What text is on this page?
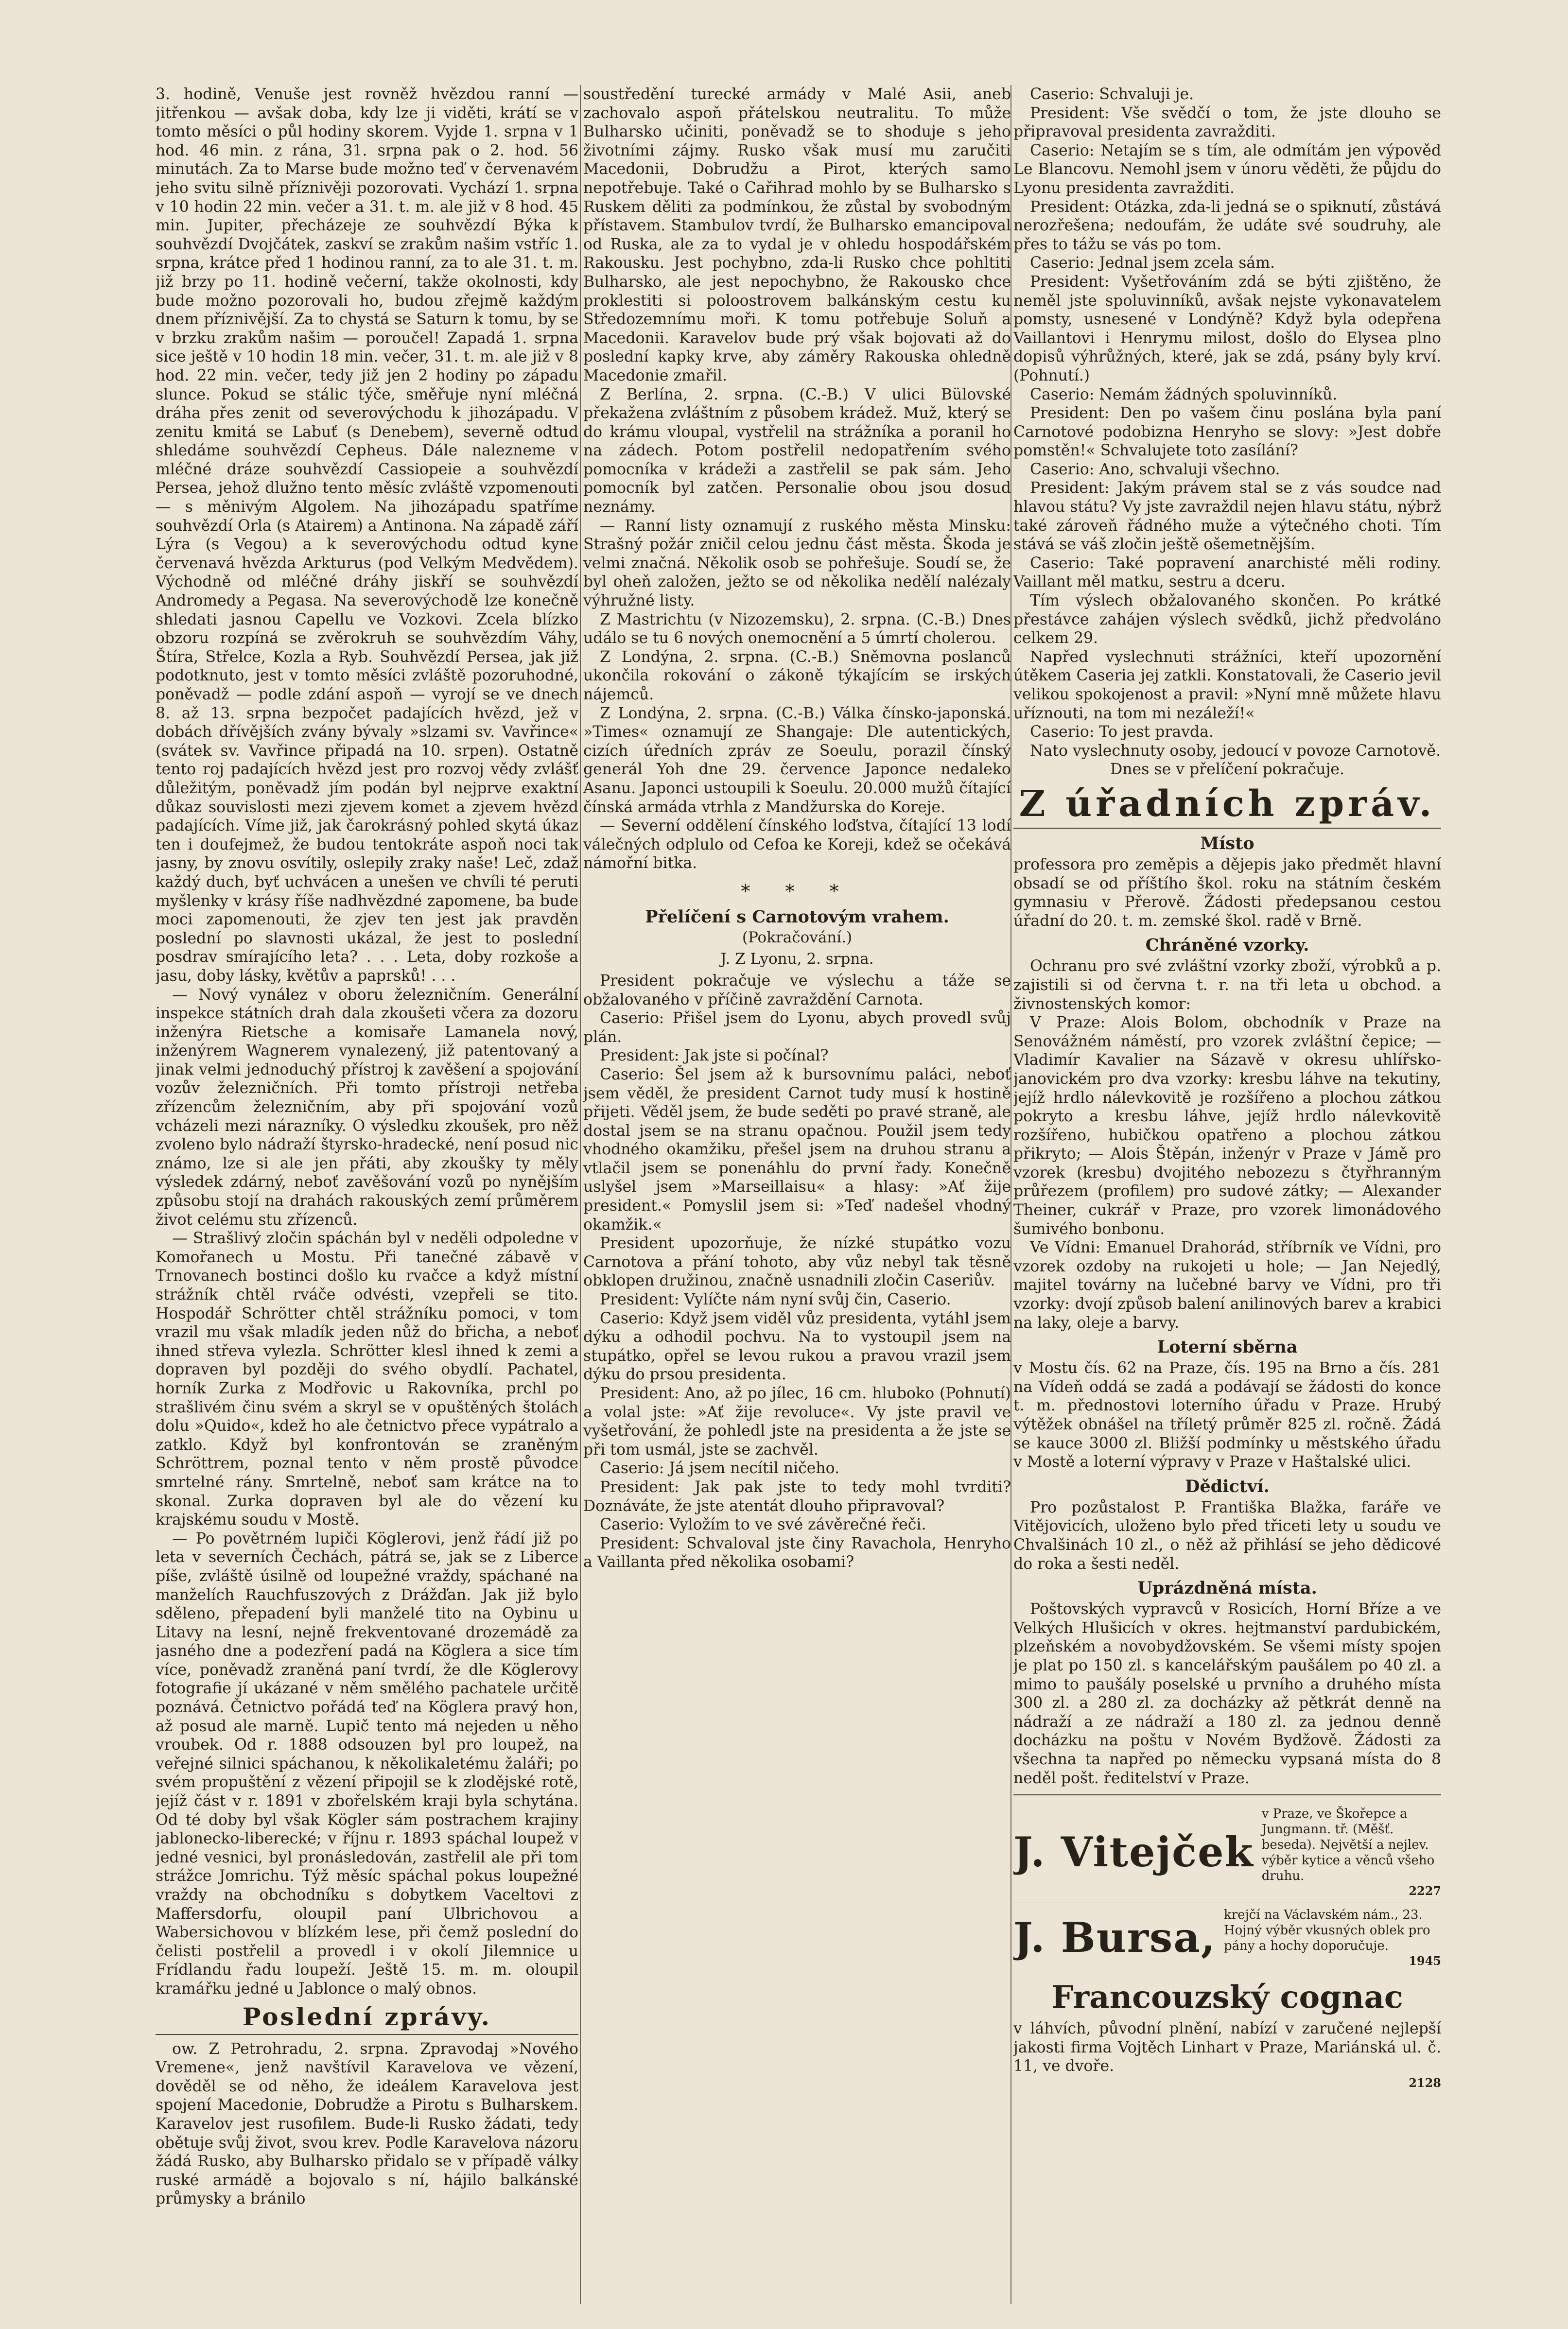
3. hodině, Venuše jest rovněž hvězdou ranní — jitřenkou — avšak doba, kdy lze ji viděti, krátí se v tomto měsíci o půl hodiny skorem. Vyjde 1. srpna v 1 hod. 46 min. z rána, 31. srpna pak o 2. hod. 56 minutách. Za to Marse bude možno teď v červenavém jeho svitu silně příznivěji pozorovati. Vychází 1. srpna v 10 hodin 22 min. večer a 31. t. m. ale již v 8 hod. 45 min. Jupiter, přecházeje ze souhvězdí Býka k souhvězdí Dvojčátek, zaskví se zrakům našim vstříc 1. srpna, krátce před 1 hodinou ranní, za to ale 31. t. m. již brzy po 11. hodině večerní, takže okolnosti, kdy bude možno pozorovali ho, budou zřejmě každým dnem příznivější. Za to chystá se Saturn k tomu, by se v brzku zrakům našim — poroučel! Zapadá 1. srpna sice ještě v 10 hodin 18 min. večer, 31. t. m. ale již v 8 hod. 22 min. večer, tedy již jen 2 hodiny po západu slunce. Pokud se stálic týče, směřuje nyní mléčná dráha přes zenit od severovýchodu k jihozápadu. V zenitu kmitá se Labuť (s Denebem), severně odtud shledáme souhvězdí Cepheus. Dále nalezneme v mléčné dráze souhvězdí Cassiopeie a souhvězdí Persea, jehož dlužno tento měsíc zvláště vzpomenouti — s měnivým Algolem. Na jihozápadu spatříme souhvězdí Orla (s Atairem) a Antinona. Na západě září Lýra (s Vegou) a k severovýchodu odtud kyne červenavá hvězda Arkturus (pod Velkým Medvědem). Východně od mléčné dráhy jiskří se souhvězdí Andromedy a Pegasa. Na severovýchodě lze konečně shledati jasnou Capellu ve Vozkovi. Zcela blízko obzoru rozpíná se zvěrokruh se souhvězdím Váhy, Štíra, Střelce, Kozla a Ryb. Souhvězdí Persea, jak již podotknuto, jest v tomto měsíci zvláště pozoruhodné, poněvadž — podle zdání aspoň — vyrojí se ve dnech 8. až 13. srpna bezpočet padajících hvězd, jež v dobách dřívějších zvány bývaly »slzami sv. Vavřince« (svátek sv. Vavřince připadá na 10. srpen). Ostatně tento roj padajících hvězd jest pro rozvoj vědy zvlášť důležitým, poněvadž jím podán byl nejprve exaktní důkaz souvislosti mezi zjevem komet a zjevem hvězd padajících. Víme již, jak čarokrásný pohled skytá úkaz ten i doufejmež, že budou tentokráte aspoň noci tak jasny, by znovu osvítily, oslepily zraky naše! Leč, zdaž každý duch, byť uchvácen a unešen ve chvíli té peruti myšlenky v krásy říše nadhvězdné zapomene, ba bude moci zapomenouti, že zjev ten jest jak pravděn poslední po slavnosti ukázal, že jest to poslední posdrav smírajícího leta? . . . Leta, doby rozkoše a jasu, doby lásky, květův a paprsků! . . .

— Nový vynález v oboru železničním. Generální inspekce státních drah dala zkoušeti včera za dozoru inženýra Rietsche a komisaře Lamanela nový, inženýrem Wagnerem vynalezený, již patentovaný a jinak velmi jednoduchý přístroj k zavěšení a spojování vozův železničních. Při tomto přístroji netřeba zřízencům železničním, aby při spojování vozů vcházeli mezi nárazníky. O výsledku zkoušek, pro něž zvoleno bylo nádraží štyrsko-hradecké, není posud nic známo, lze si ale jen přáti, aby zkoušky ty měly výsledek zdárný, neboť zavěšování vozů po nynějším způsobu stojí na drahách rakouských zemí průměrem život celému stu zřízenců.

— Strašlivý zločin spáchán byl v neděli odpoledne v Komořanech u Mostu. Při tanečné zábavě v Trnovanech bostinci došlo ku rvačce a když místní strážník chtěl rváče odvésti, vzepřeli se tito. Hospodář Schrötter chtěl strážníku pomoci, v tom vrazil mu však mladík jeden nůž do břicha, a neboť ihned střeva vylezla. Schrötter klesl ihned k zemi a dopraven byl později do svého obydlí. Pachatel, horník Zurka z Modřovic u Rakovníka, prchl po strašlivém činu svém a skryl se v opuštěných štolách dolu »Quido«, kdež ho ale četnictvo přece vypátralo a zatklo. Když byl konfrontován se zraněným Schröttrem, poznal tento v něm prostě původce smrtelné rány. Smrtelně, neboť sam krátce na to skonal. Zurka dopraven byl ale do vězení ku krajskému soudu v Mostě.

— Po povětrném lupiči Köglerovi, jenž řádí již po leta v severních Čechách, pátrá se, jak se z Liberce píše, zvláště úsilně od loupežné vraždy, spáchané na manželích Rauchfuszových z Drážďan. Jak již bylo sděleno, přepadení byli manželé tito na Oybinu u Litavy na lesní, nejně frekventované drozemádě za jasného dne a podezření padá na Köglera a sice tím více, poněvadž zraněná paní tvrdí, že dle Köglerovy fotografie jí ukázané v něm smělého pachatele určitě poznává. Četnictvo pořádá teď na Köglera pravý hon, až posud ale marně. Lupič tento má nejeden u něho vroubek. Od r. 1888 odsouzen byl pro loupež, na veřejné silnici spáchanou, k několikaletému žaláři; po svém propuštění z vězení připojil se k zlodějské rotě, jejíž část v r. 1891 v zbořelském kraji byla schytána. Od té doby byl však Kögler sám postrachem krajiny jablonecko-liberecké; v říjnu r. 1893 spáchal loupež v jedné vesnici, byl pronásledován, zastřelil ale při tom strážce Jomrichu. Týž měsíc spáchal pokus loupežné vraždy na obchodníku s dobytkem Vaceltovi z Maffersdorfu, oloupil paní Ulbrichovou a Wabersichovou v blízkém lese, při čemž poslední do čelisti postřelil a provedl i v okolí Jilemnice u Frídlandu řadu loupeží. Ještě 15. m. m. oloupil kramářku jedné u Jablonce o malý obnos.

Poslední zprávy.

ow. Z Petrohradu, 2. srpna. Zpravodaj »Nového Vremene«, jenž navštívil Karavelova ve vězení, dověděl se od něho, že ideálem Karavelova jest spojení Macedonie, Dobrudže a Pirotu s Bulharskem. Karavelov jest rusofilem. Bude-li Rusko žádati, tedy obětuje svůj život, svou krev. Podle Karavelova názoru žádá Rusko, aby Bulharsko přidalo se v případě války ruské armádě a bojovalo s ní, hájilo balkánské průmysky a bránilo

soustředění turecké armády v Malé Asii, aneb zachovalo aspoň přátelskou neutralitu. To může Bulharsko učiniti, poněvadž se to shoduje s jeho životními zájmy. Rusko však musí mu zaručiti Macedonii, Dobrudžu a Pirot, kterých samo nepotřebuje. Také o Cařihrad mohlo by se Bulharsko s Ruskem děliti za podmínkou, že zůstal by svobodným přístavem. Stambulov tvrdí, že Bulharsko emancipoval od Ruska, ale za to vydal je v ohledu hospodářském Rakousku. Jest pochybno, zda-li Rusko chce pohltiti Bulharsko, ale jest nepochybno, že Rakousko chce proklestiti si poloostrovem balkánským cestu ku Středozemnímu moři. K tomu potřebuje Soluň a Macedonii. Karavelov bude prý však bojovati až do poslední kapky krve, aby záměry Rakouska ohledně Macedonie zmařil.

Z Berlína, 2. srpna. (C.-B.) V ulici Bülovské překažena zvláštním z působem krádež. Muž, který se do krámu vloupal, vystřelil na strážníka a poranil ho na zádech. Potom postřelil nedopatřením svého pomocníka v krádeži a zastřelil se pak sám. Jeho pomocník byl zatčen. Personalie obou jsou dosud neznámy.

— Ranní listy oznamují z ruského města Minsku: Strašný požár zničil celou jednu část města. Škoda je velmi značná. Několik osob se pohřešuje. Soudí se, že byl oheň založen, ježto se od několika nedělí nalézaly výhružné listy.

Z Mastrichtu (v Nizozemsku), 2. srpna. (C.-B.) Dnes událo se tu 6 nových onemocnění a 5 úmrtí cholerou.

Z Londýna, 2. srpna. (C.-B.) Sněmovna poslanců ukončila rokování o zákoně týkajícím se irských nájemců.

Z Londýna, 2. srpna. (C.-B.) Válka čínsko-japonská. »Times« oznamují ze Shangaje: Dle autentických, cizích úředních zpráv ze Soeulu, porazil čínský generál Yoh dne 29. července Japonce nedaleko Asanu. Japonci ustoupili k Soeulu. 20.000 mužů čítající čínská armáda vtrhla z Mandžurska do Koreje.

— Severní oddělení čínského loďstva, čítající 13 lodí válečných odplulo od Cefoa ke Koreji, kdež se očekává námořní bitka.

* * *
Přelíčení s Carnotovým vrahem.
(Pokračování.)
J. Z Lyonu, 2. srpna.

President pokračuje ve výslechu a táže se obžalovaného v příčině zavraždění Carnota.

Caserio: Přišel jsem do Lyonu, abych provedl svůj plán.

President: Jak jste si počínal?

Caserio: Šel jsem až k bursovnímu paláci, neboť jsem věděl, že president Carnot tudy musí k hostině přijeti. Věděl jsem, že bude seděti po pravé straně, ale dostal jsem se na stranu opačnou. Použil jsem tedy vhodného okamžiku, přešel jsem na druhou stranu a vtlačil jsem se ponenáhlu do první řady. Konečně uslyšel jsem »Marseillaisu« a hlasy: »Ať žije president.« Pomyslil jsem si: »Teď nadešel vhodný okamžik.«

President upozorňuje, že nízké stupátko vozu Carnotova a přání tohoto, aby vůz nebyl tak těsně obklopen družinou, značně usnadnili zločin Caseriův.

President: Vylíčte nám nyní svůj čin, Caserio.

Caserio: Když jsem viděl vůz presidenta, vytáhl jsem dýku a odhodil pochvu. Na to vystoupil jsem na stupátko, opřel se levou rukou a pravou vrazil jsem dýku do prsou presidenta.

President: Ano, až po jílec, 16 cm. hluboko (Pohnutí) a volal jste: »Ať žije revoluce«. Vy jste pravil ve vyšetřování, že pohledl jste na presidenta a že jste se při tom usmál, jste se zachvěl.

Caserio: Já jsem necítil ničeho.

President: Jak pak jste to tedy mohl tvrditi? Doznáváte, že jste atentát dlouho připravoval?

Caserio: Vyložím to ve své závěrečné řeči.

President: Schvaloval jste činy Ravachola, Henryho a Vaillanta před několika osobami?

Caserio: Schvaluji je.

President: Vše svědčí o tom, že jste dlouho se připravoval presidenta zavražditi.

Caserio: Netajím se s tím, ale odmítám jen výpověď Le Blancovu. Nemohl jsem v únoru věděti, že půjdu do Lyonu presidenta zavražditi.

President: Otázka, zda-li jedná se o spiknutí, zůstává nerozřešena; nedoufám, že udáte své soudruhy, ale přes to tážu se vás po tom.

Caserio: Jednal jsem zcela sám.

President: Vyšetřováním zdá se býti zjištěno, že neměl jste spoluvinníků, avšak nejste vykonavatelem pomsty, usnesené v Londýně? Když byla odepřena Vaillantovi i Henrymu milost, došlo do Elysea plno dopisů výhrůžných, které, jak se zdá, psány byly krví. (Pohnutí.)

Caserio: Nemám žádných spoluvinníků.

President: Den po vašem činu poslána byla paní Carnotové podobizna Henryho se slovy: »Jest dobře pomstěn!« Schvalujete toto zasílání?

Caserio: Ano, schvaluji všechno.

President: Jakým právem stal se z vás soudce nad hlavou státu? Vy jste zavraždil nejen hlavu státu, nýbrž také zároveň řádného muže a výtečného choti. Tím stává se váš zločin ještě ošemetnějším.

Caserio: Také popravení anarchisté měli rodiny. Vaillant měl matku, sestru a dceru.

Tím výslech obžalovaného skončen. Po krátké přestávce zahájen výslech svědků, jichž předvoláno celkem 29.

Napřed vyslechnuti strážníci, kteří upozornění útěkem Caseria jej zatkli. Konstatovali, že Caserio jevil velikou spokojenost a pravil: »Nyní mně můžete hlavu uříznouti, na tom mi nezáleží!«

Caserio: To jest pravda.

Nato vyslechnuty osoby, jedoucí v povoze Carnotově.

Dnes se v přelíčení pokračuje.

Z úřadních zpráv.
Místo

professora pro zeměpis a dějepis jako předmět hlavní obsadí se od příštího škol. roku na státním českém gymnasiu v Přerově. Žádosti předepsanou cestou úřadní do 20. t. m. zemské škol. radě v Brně.

Chráněné vzorky.

Ochranu pro své zvláštní vzorky zboží, výrobků a p. zajistili si od června t. r. na tři leta u obchod. a živnostenských komor:

V Praze: Alois Bolom, obchodník v Praze na Senovážném náměstí, pro vzorek zvláštní čepice; — Vladimír Kavalier na Sázavě v okresu uhlířsko-janovickém pro dva vzorky: kresbu láhve na tekutiny, jejíž hrdlo nálevkovitě je rozšířeno a plochou zátkou pokryto a kresbu láhve, jejíž hrdlo nálevkovitě rozšířeno, hubičkou opatřeno a plochou zátkou přikryto; — Alois Štěpán, inženýr v Praze v Jámě pro vzorek (kresbu) dvojitého nebozezu s čtyřhranným průřezem (profilem) pro sudové zátky; — Alexander Theiner, cukrář v Praze, pro vzorek limonádového šumivého bonbonu.

Ve Vídni: Emanuel Drahorád, stříbrník ve Vídni, pro vzorek ozdoby na rukojeti u hole; — Jan Nejedlý, majitel továrny na lučebné barvy ve Vídni, pro tři vzorky: dvojí způsob balení anilinových barev a krabici na laky, oleje a barvy.

Loterní sběrna

v Mostu čís. 62 na Praze, čís. 195 na Brno a čís. 281 na Vídeň oddá se zadá a podávají se žádosti do konce t. m. přednostovi loterního úřadu v Praze. Hrubý výtěžek obnášel na tříletý průměr 825 zl. ročně. Žádá se kauce 3000 zl. Bližší podmínky u městského úřadu v Mostě a loterní výpravy v Praze v Haštalské ulici.

Dědictví.

Pro pozůstalost P. Františka Blažka, faráře ve Vitějovicích, uloženo bylo před třiceti lety u soudu ve Chvalšinách 10 zl., o něž až přihlásí se jeho dědicové do roka a šesti neděl.

Uprázdněná místa.

Poštovských vypravců v Rosicích, Horní Bříze a ve Velkých Hlušicích v okres. hejtmanství pardubickém, plzeňském a novobydžovském. Se všemi místy spojen je plat po 150 zl. s kancelářským paušálem po 40 zl. a mimo to paušály poselské u prvního a druhého místa 300 zl. a 280 zl. za docházky až pětkrát denně na nádraží a ze nádraží a 180 zl. za jednou denně docházku na poštu v Novém Bydžově. Žádosti za všechna ta napřed po německu vypsaná místa do 8 neděl pošt. ředitelství v Praze.

J. Vitejček
v Praze, ve Škořepce a Jungmann. tř. (Měšť. beseda). Největší a nejlev. výběr kytice a věnců všeho druhu.
2227
J. Bursa, krejčí na Václavském nám., 23. Hojný výběr vkusných oblek pro pány a hochy doporučuje.
1945
Francouzský cognac

v láhvích, původní plnění, nabízí v zaručené nejlepší jakosti firma Vojtěch Linhart v Praze, Mariánská ul. č. 11, ve dvoře.

2128
